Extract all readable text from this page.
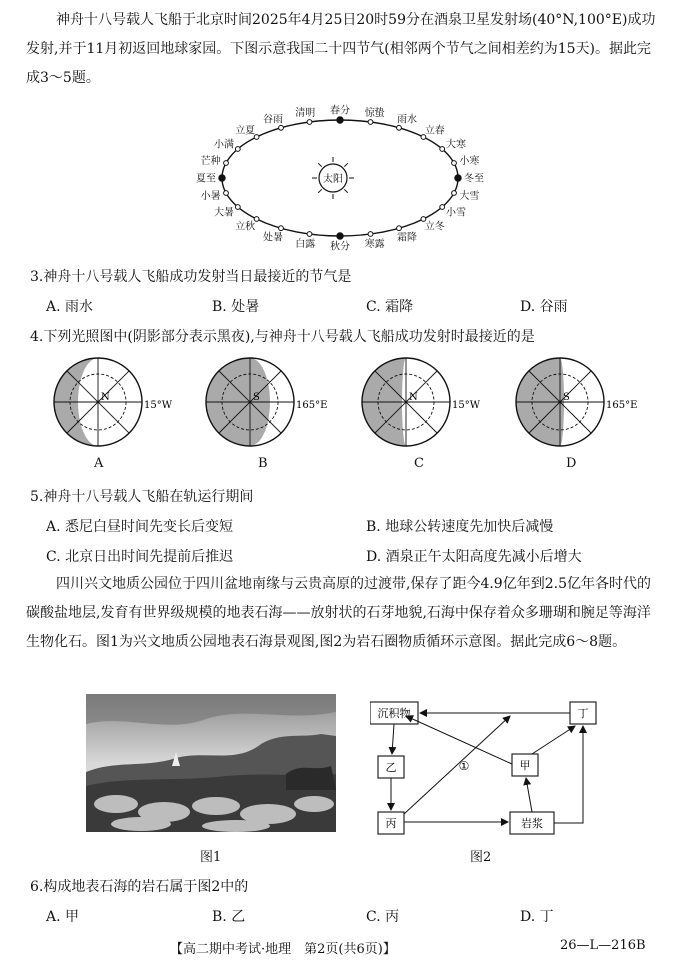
神舟十八号载人飞船于北京时间2025年4月25日20时59分在酒泉卫星发射场(40°N,100°E)成功发射,并于11月初返回地球家园。下图示意我国二十四节气(相邻两个节气之间相差约为15天)。据此完成3～5题。

春分
清明
谷雨
立夏
小满
芒种
夏至
小暑
大暑
立秋
处暑
白露 秋分 寒露
霜降
立冬
小雪
大雪
冬至
小寒
大寒
立春
雨水
惊蛰
太阳
3.神舟十八号载人飞船成功发射当日最接近的节气是
A. 雨水	B. 处暑	C. 霜降	D. 谷雨
4.下列光照图中(阴影部分表示黑夜),与神舟十八号载人飞船成功发射时最接近的是
N
15°W
A
S
165°E
B
N
15°W
C
S
165°E
D
5.神舟十八号载人飞船在轨运行期间
A. 悉尼白昼时间先变长后变短	B. 地球公转速度先加快后减慢
C. 北京日出时间先提前后推迟	D. 酒泉正午太阳高度先减小后增大

四川兴文地质公园位于四川盆地南缘与云贵高原的过渡带,保存了距今4.9亿年到2.5亿年各时代的碳酸盐地层,发育有世界级规模的地表石海——放射状的石芽地貌,石海中保存着众多珊瑚和腕足等海洋生物化石。图1为兴文地质公园地表石海景观图,图2为岩石圈物质循环示意图。据此完成6～8题。

图1
沉积物
乙
丙
甲
丁
岩浆
①
图2
6.构成地表石海的岩石属于图2中的
A. 甲	B. 乙	C. 丙	D. 丁
【高二期中考试·地理　第2页(共6页)】	26—L—216B
